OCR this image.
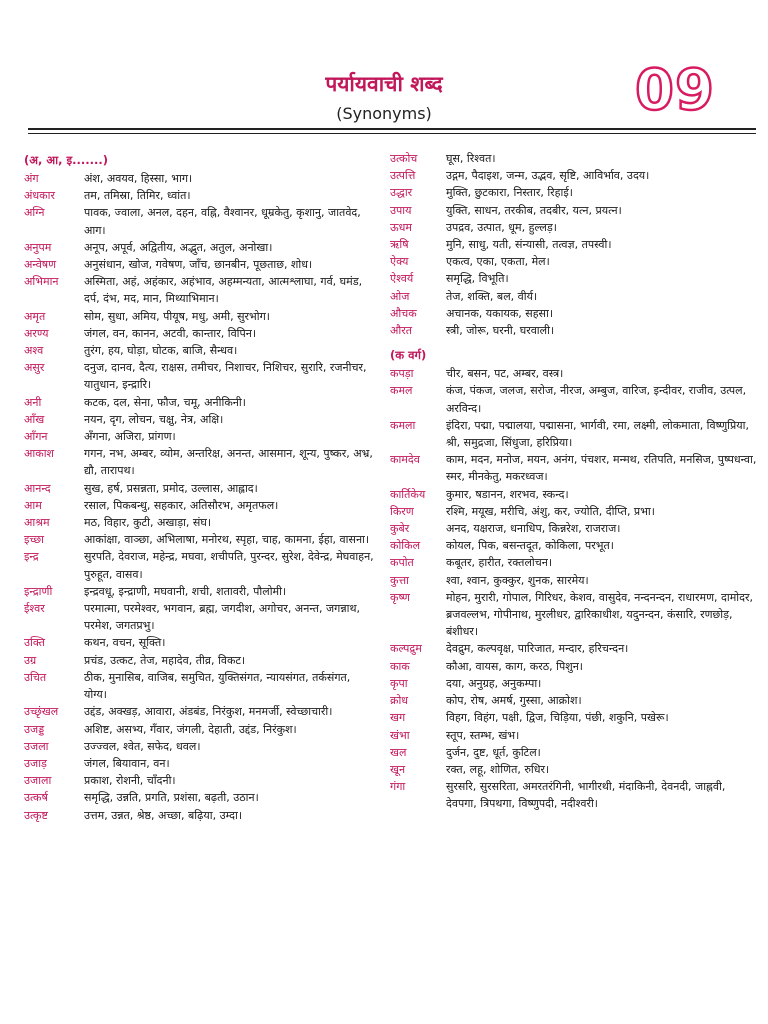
पर्यायवाची शब्द
(Synonyms)	09
(अ, आ, इ.......)
अंग	अंश, अवयव, हिस्सा, भाग।
अंधकार	तम, तमिस्रा, तिमिर, ध्वांत।
अग्नि	पावक, ज्वाला, अनल, दहन, वह्नि, वैश्वानर, धूम्रकेतु, कृशानु, जातवेद, आग।
अनुपम	अनूप, अपूर्व, अद्वितीय, अद्भुत, अतुल, अनोखा।
अन्वेषण	अनुसंधान, खोज, गवेषण, जाँच, छानबीन, पूछताछ, शोध।
अभिमान	अस्मिता, अहं, अहंकार, अहंभाव, अहम्मन्यता, आत्मश्लाघा, गर्व, घमंड, दर्प, दंभ, मद, मान, मिथ्याभिमान।
अमृत	सोम, सुधा, अमिय, पीयूष, मधु, अमी, सुरभोग।
अरण्य	जंगल, वन, कानन, अटवी, कान्तार, विपिन।
अश्व	तुरंग, हय, घोड़ा, घोटक, बाजि, सैन्धव।
असुर	दनुज, दानव, दैत्य, राक्षस, तमीचर, निशाचर, निशिचर, सुरारि, रजनीचर, यातुधान, इन्द्रारि।
अनी	कटक, दल, सेना, फौज, चमू, अनीकिनी।
आँख	नयन, दृग, लोचन, चक्षु, नेत्र, अक्षि।
आँगन	अँगना, अजिरा, प्रांगण।
आकाश	गगन, नभ, अम्बर, व्योम, अन्तरिक्ष, अनन्त, आसमान, शून्य, पुष्कर, अभ्र, द्यौ, तारापथ।
आनन्द	सुख, हर्ष, प्रसन्नता, प्रमोद, उल्लास, आह्लाद।
आम	रसाल, पिकबन्धु, सहकार, अतिसौरभ, अमृतफल।
आश्रम	मठ, विहार, कुटी, अखाड़ा, संघ।
इच्छा	आकांक्षा, वाञ्छा, अभिलाषा, मनोरथ, स्पृहा, चाह, कामना, ईहा, वासना।
इन्द्र	सुरपति, देवराज, महेन्द्र, मघवा, शचीपति, पुरन्दर, सुरेश, देवेन्द्र, मेघवाहन, पुरुहूत, वासव।
इन्द्राणी	इन्द्रवधू, इन्द्राणी, मघवानी, शची, शतावरी, पौलोमी।
ईश्वर	परमात्मा, परमेश्वर, भगवान, ब्रह्म, जगदीश, अगोचर, अनन्त, जगन्नाथ, परमेश, जगतप्रभु।
उक्ति	कथन, वचन, सूक्ति।
उग्र	प्रचंड, उत्कट, तेज, महादेव, तीव्र, विकट।
उचित	ठीक, मुनासिब, वाजिब, समुचित, युक्तिसंगत, न्यायसंगत, तर्कसंगत, योग्य।
उच्छृंखल	उद्दंड, अक्खड़, आवारा, अंडबंड, निरंकुश, मनमर्जी, स्वेच्छाचारी।
उजड्ड	अशिष्ट, असभ्य, गँवार, जंगली, देहाती, उद्दंड, निरंकुश।
उजला	उज्ज्वल, श्वेत, सफेद, धवल।
उजाड़	जंगल, बियावान, वन।
उजाला	प्रकाश, रोशनी, चाँदनी।
उत्कर्ष	समृद्धि, उन्नति, प्रगति, प्रशंसा, बढ़ती, उठान।
उत्कृष्ट	उत्तम, उन्नत, श्रेष्ठ, अच्छा, बढ़िया, उम्दा।
उत्कोच	घूस, रिश्वत।
उत्पत्ति	उद्गम, पैदाइश, जन्म, उद्भव, सृष्टि, आविर्भाव, उदय।
उद्धार	मुक्ति, छुटकारा, निस्तार, रिहाई।
उपाय	युक्ति, साधन, तरकीब, तदबीर, यत्न, प्रयत्न।
ऊधम	उपद्रव, उत्पात, धूम, हुल्लड़।
ऋषि	मुनि, साधु, यती, संन्यासी, तत्वज्ञ, तपस्वी।
ऐक्य	एकत्व, एका, एकता, मेल।
ऐश्वर्य	समृद्धि, विभूति।
ओज	तेज, शक्ति, बल, वीर्य।
औचक	अचानक, यकायक, सहसा।
औरत	स्त्री, जोरू, घरनी, घरवाली।
(क वर्ग)
कपड़ा	चीर, बसन, पट, अम्बर, वस्त्र।
कमल	कंज, पंकज, जलज, सरोज, नीरज, अम्बुज, वारिज, इन्दीवर, राजीव, उत्पल, अरविन्द।
कमला	इंदिरा, पद्मा, पद्मालया, पद्मासना, भार्गवी, रमा, लक्ष्मी, लोकमाता, विष्णुप्रिया, श्री, समुद्रजा, सिंधुजा, हरिप्रिया।
कामदेव	काम, मदन, मनोज, मयन, अनंग, पंचशर, मन्मथ, रतिपति, मनसिज, पुष्पधन्वा, स्मर, मीनकेतु, मकरध्वज।
कार्तिकेय	कुमार, षडानन, शरभव, स्कन्द।
किरण	रश्मि, मयूख, मरीचि, अंशु, कर, ज्योति, दीप्ति, प्रभा।
कुबेर	अनद, यक्षराज, धनाधिप, किन्नरेश, राजराज।
कोकिल	कोयल, पिक, बसन्तदूत, कोकिला, परभूत।
कपोत	कबूतर, हारीत, रक्तलोचन।
कुत्ता	श्वा, श्वान, कुक्कुर, शुनक, सारमेय।
कृष्ण	मोहन, मुरारी, गोपाल, गिरिधर, केशव, वासुदेव, नन्दनन्दन, राधारमण, दामोदर, ब्रजवल्लभ, गोपीनाथ, मुरलीधर, द्वारिकाधीश, यदुनन्दन, कंसारि, रणछोड़, बंशीधर।
कल्पद्रुम	देवद्रुम, कल्पवृक्ष, पारिजात, मन्दार, हरिचन्दन।
काक	कौआ, वायस, काग, करठ, पिशुन।
कृपा	दया, अनुग्रह, अनुकम्पा।
क्रोध	कोप, रोष, अमर्ष, गुस्सा, आक्रोश।
खग	विहग, विहंग, पक्षी, द्विज, चिड़िया, पंछी, शकुनि, पखेरू।
खंभा	स्तूप, स्तम्भ, खंभ।
खल	दुर्जन, दुष्ट, धूर्त, कुटिल।
खून	रक्त, लहू, शोणित, रुधिर।
गंगा	सुरसरि, सुरसरिता, अमरतरंगिनी, भागीरथी, मंदाकिनी, देवनदी, जाह्नवी, देवपगा, त्रिपथगा, विष्णुपदी, नदीश्वरी।
